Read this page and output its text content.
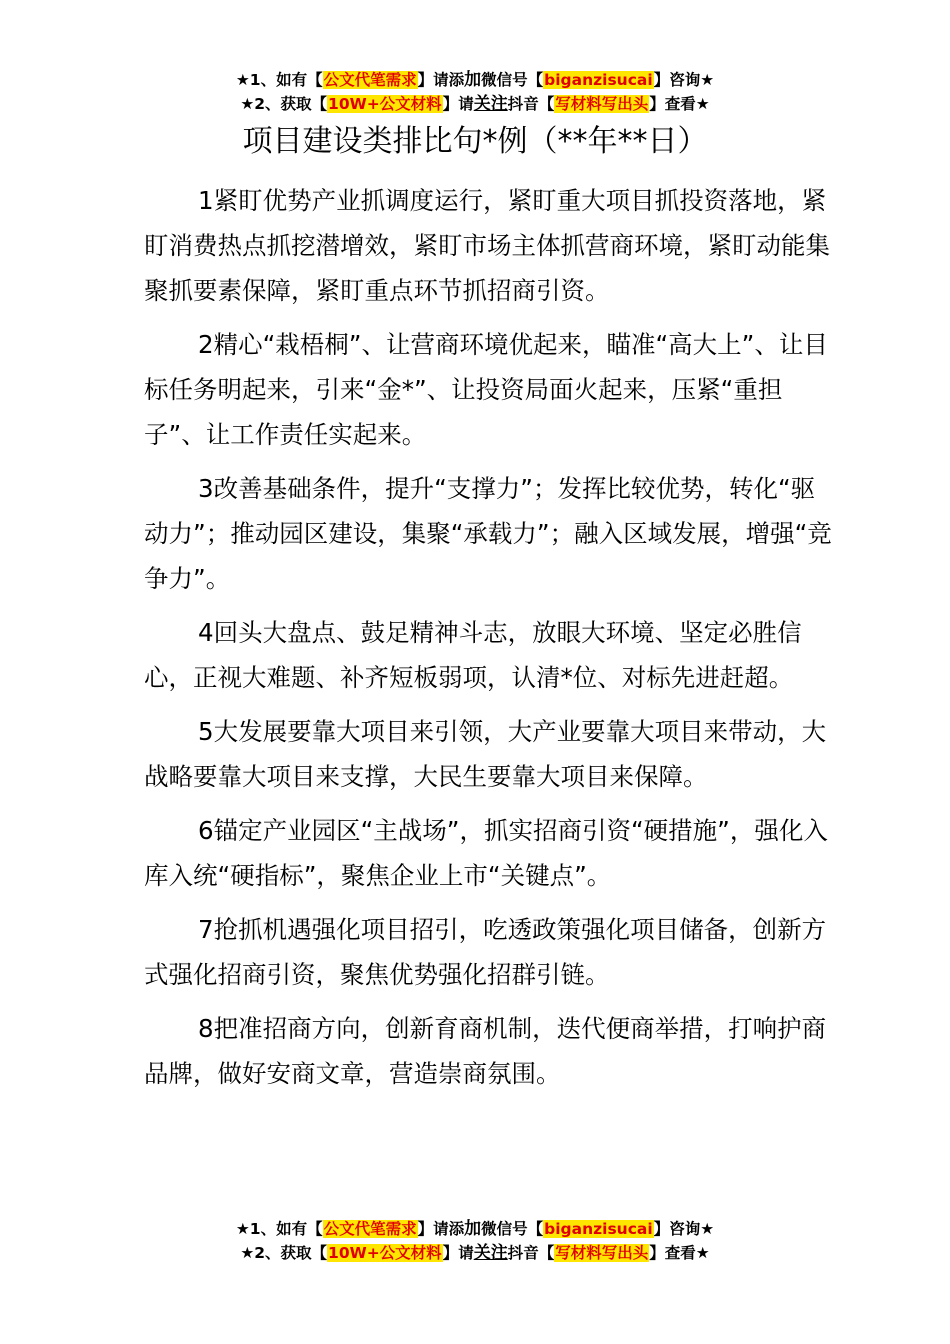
★1、如有【公文代笔需求】请添加微信号【biganzisucai】咨询★
★2、获取【10W+公文材料】请关注抖音【写材料写出头】查看★
项目建设类排比句*例（**年**日）

1紧盯优势产业抓调度运行，紧盯重大项目抓投资落地，紧盯消费热点抓挖潜增效，紧盯市场主体抓营商环境，紧盯动能集聚抓要素保障，紧盯重点环节抓招商引资。

2精心“栽梧桐”、让营商环境优起来，瞄准“高大上”、让目标任务明起来，引来“金*”、让投资局面火起来，压紧“重担子”、让工作责任实起来。

3改善基础条件，提升“支撑力”；发挥比较优势，转化“驱动力”；推动园区建设，集聚“承载力”；融入区域发展，增强“竞争力”。

4回头大盘点、鼓足精神斗志，放眼大环境、坚定必胜信心，正视大难题、补齐短板弱项，认清*位、对标先进赶超。

5大发展要靠大项目来引领，大产业要靠大项目来带动，大战略要靠大项目来支撑，大民生要靠大项目来保障。

6锚定产业园区“主战场”，抓实招商引资“硬措施”，强化入库入统“硬指标”，聚焦企业上市“关键点”。

7抢抓机遇强化项目招引，吃透政策强化项目储备，创新方式强化招商引资，聚焦优势强化招群引链。

8把准招商方向，创新育商机制，迭代便商举措，打响护商品牌，做好安商文章，营造崇商氛围。

★1、如有【公文代笔需求】请添加微信号【biganzisucai】咨询★
★2、获取【10W+公文材料】请关注抖音【写材料写出头】查看★
